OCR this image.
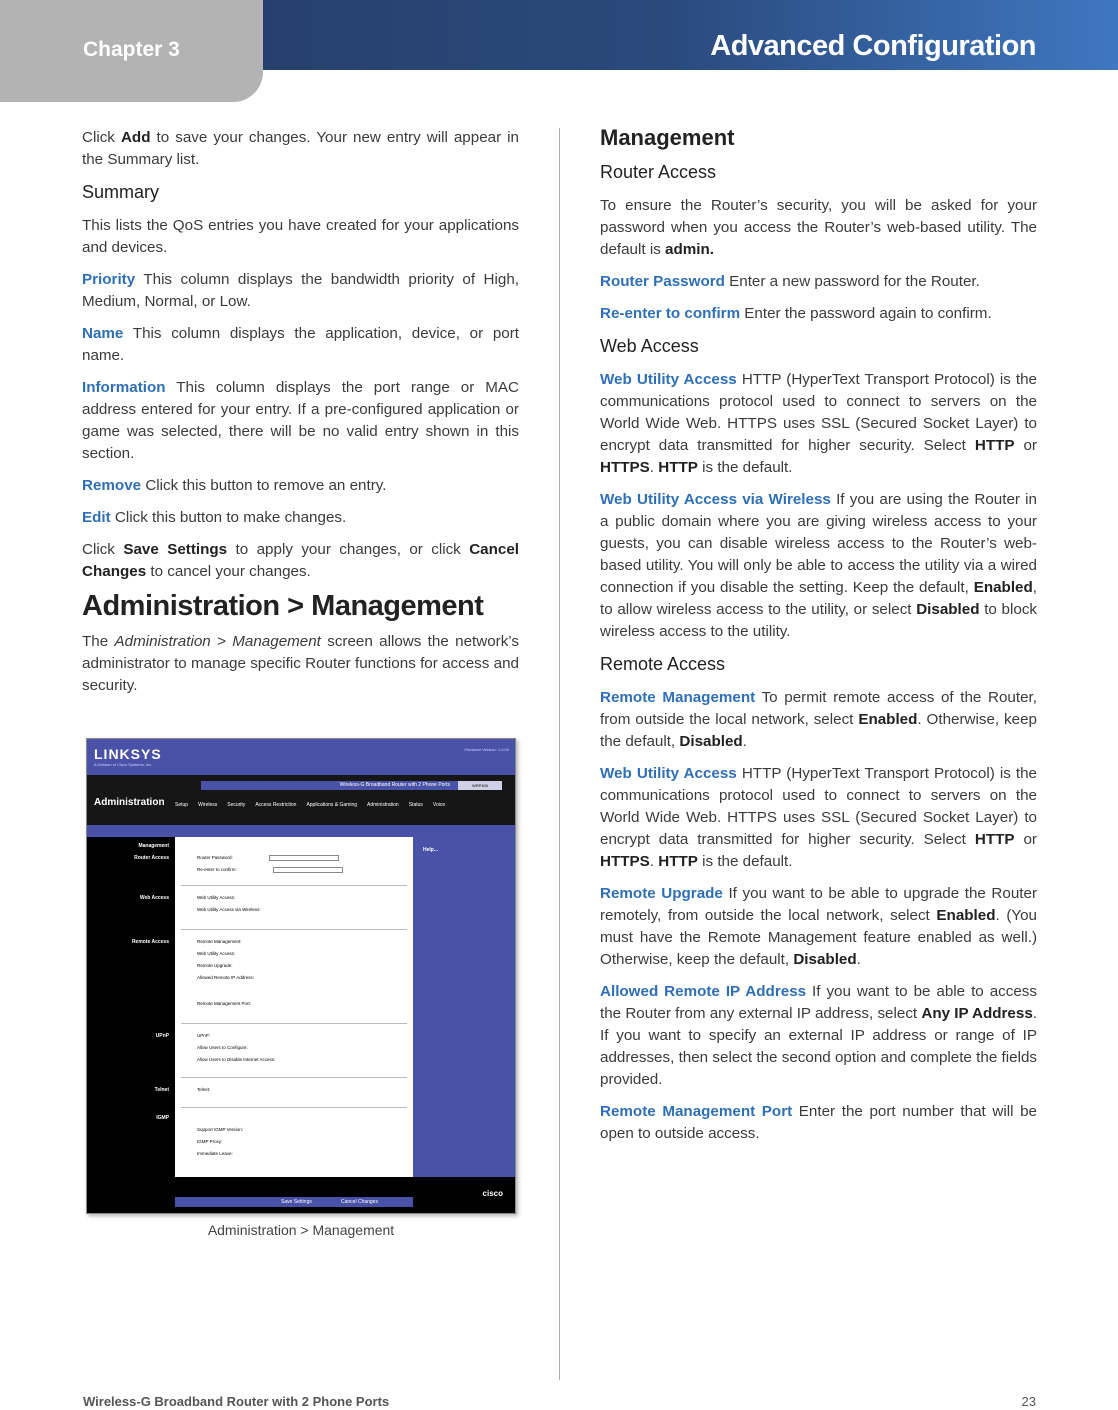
Chapter 3	Advanced Configuration

Click Add to save your changes. Your new entry will appear in the Summary list.

Summary

This lists the QoS entries you have created for your applications and devices.

Priority This column displays the bandwidth priority of High, Medium, Normal, or Low.

Name This column displays the application, device, or port name.

Information This column displays the port range or MAC address entered for your entry. If a pre-configured application or game was selected, there will be no valid entry shown in this section.

Remove Click this button to remove an entry.

Edit Click this button to make changes.

Click Save Settings to apply your changes, or click Cancel Changes to cancel your changes.

Administration > Management

The Administration > Management screen allows the network’s administrator to manage specific Router functions for access and security.

LINKSYS
A Division of Cisco Systems, Inc.
Firmware Version: 1.0.00
Wireless-G Broadband Router with 2 Phone Ports	WRP400
Administration Setup Wireless Security Access Restriction Applications & Gaming Administration Status Voice
Management
Router Access
Web Access
Remote Access
UPnP
Telnet
IGMP
Router Password:
Re-enter to confirm:
Web Utility Access:
Web Utility Access via Wireless:
Remote Management:
Web Utility Access:
Remote Upgrade:
Allowed Remote IP Address:
Remote Management Port:
UPnP:
Allow Users to Configure:
Allow Users to Disable Internet Access:
Telnet:
Support IGMP Version:
IGMP Proxy:
Immediate Leave:
Help...
Save Settings	Cancel Changes
cisco
Administration > Management
Management
Router Access

To ensure the Router’s security, you will be asked for your password when you access the Router’s web-based utility. The default is admin.

Router Password Enter a new password for the Router.

Re-enter to confirm Enter the password again to confirm.

Web Access

Web Utility Access HTTP (HyperText Transport Protocol) is the communications protocol used to connect to servers on the World Wide Web. HTTPS uses SSL (Secured Socket Layer) to encrypt data transmitted for higher security. Select HTTP or HTTPS. HTTP is the default.

Web Utility Access via Wireless If you are using the Router in a public domain where you are giving wireless access to your guests, you can disable wireless access to the Router’s web-based utility. You will only be able to access the utility via a wired connection if you disable the setting. Keep the default, Enabled, to allow wireless access to the utility, or select Disabled to block wireless access to the utility.

Remote Access

Remote Management To permit remote access of the Router, from outside the local network, select Enabled. Otherwise, keep the default, Disabled.

Web Utility Access HTTP (HyperText Transport Protocol) is the communications protocol used to connect to servers on the World Wide Web. HTTPS uses SSL (Secured Socket Layer) to encrypt data transmitted for higher security. Select HTTP or HTTPS. HTTP is the default.

Remote Upgrade If you want to be able to upgrade the Router remotely, from outside the local network, select Enabled. (You must have the Remote Management feature enabled as well.) Otherwise, keep the default, Disabled.

Allowed Remote IP Address If you want to be able to access the Router from any external IP address, select Any IP Address. If you want to specify an external IP address or range of IP addresses, then select the second option and complete the fields provided.

Remote Management Port Enter the port number that will be open to outside access.

Wireless-G Broadband Router with 2 Phone Ports	23
